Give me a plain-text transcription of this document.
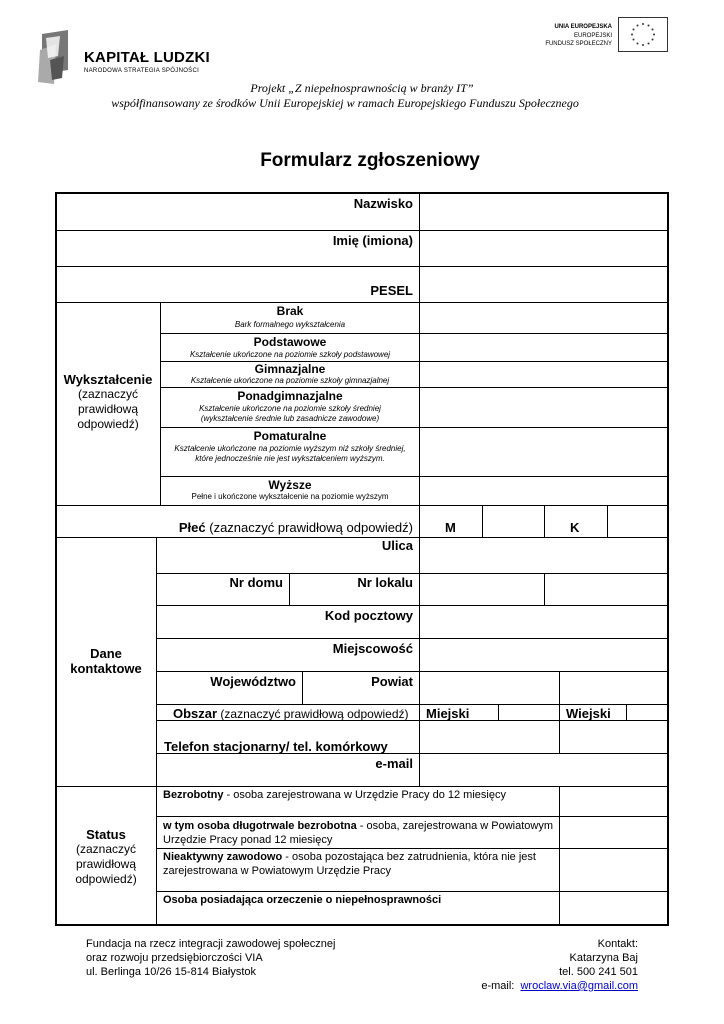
KAPITAŁ LUDZKI
NARODOWA STRATEGIA SPÓJNOŚCI
UNIA EUROPEJSKA
EUROPEJSKI
FUNDUSZ SPOŁECZNY
Projekt „Z niepełnosprawnością w branży IT”
współfinansowany ze środków Unii Europejskiej w ramach Europejskiego Funduszu Społecznego
Formularz zgłoszeniowy
Nazwisko
Imię (imiona)
PESEL
Wykształcenie
(zaznaczyć
prawidłową
odpowiedź)
Brak
Bark formalnego wykształcenia
Podstawowe
Kształcenie ukończone na poziomie szkoły podstawowej
Gimnazjalne
Kształcenie ukończone na poziomie szkoły gimnazjalnej
Ponadgimnazjalne
Kształcenie ukończone na poziomie szkoły średniej (wykształcenie średnie lub zasadnicze zawodowe)
Pomaturalne
Kształcenie ukończone na poziomie wyższym niż szkoły średniej, które jednocześnie nie jest wykształceniem wyższym.
Wyższe
Pełne i ukończone wykształcenie na poziomie wyższym
Płeć (zaznaczyć prawidłową odpowiedź) M	K
Dane
kontaktowe
Ulica
Nr domu	Nr lokalu
Kod pocztowy
Miejscowość
Województwo	Powiat
Obszar (zaznaczyć prawidłową odpowiedź) Miejski	Wiejski
Telefon stacjonarny/ tel. komórkowy
e-mail
Status
(zaznaczyć
prawidłową
odpowiedź)
Bezrobotny - osoba zarejestrowana w Urzędzie Pracy do 12 miesięcy
w tym osoba długotrwale bezrobotna - osoba, zarejestrowana w Powiatowym Urzędzie Pracy ponad 12 miesięcy
Nieaktywny zawodowo - osoba pozostająca bez zatrudnienia, która nie jest zarejestrowana w Powiatowym Urzędzie Pracy
Osoba posiadająca orzeczenie o niepełnosprawności
Fundacja na rzecz integracji zawodowej społecznej
oraz rozwoju przedsiębiorczości VIA
ul. Berlinga 10/26 15-814 Białystok
Kontakt:
Katarzyna Baj
tel. 500 241 501
e-mail: wroclaw.via@gmail.com
